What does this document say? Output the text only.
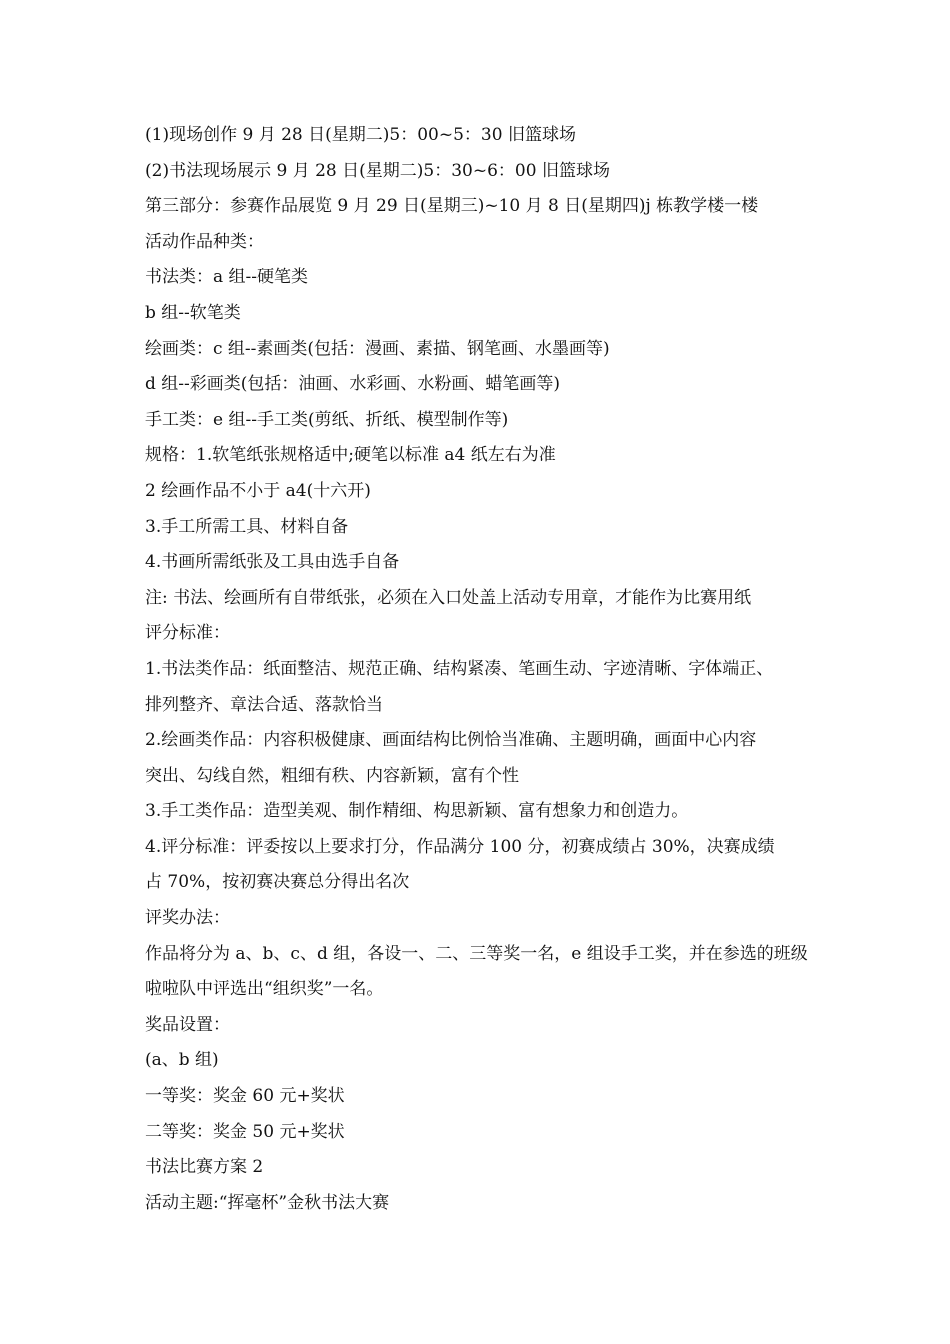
(1)现场创作 9 月 28 日(星期二)5：00~5：30 旧篮球场
(2)书法现场展示 9 月 28 日(星期二)5：30~6：00 旧篮球场
第三部分：参赛作品展览 9 月 29 日(星期三)~10 月 8 日(星期四)j 栋教学楼一楼
活动作品种类：
书法类：a 组--硬笔类
b 组--软笔类
绘画类：c 组--素画类(包括：漫画、素描、钢笔画、水墨画等)
d 组--彩画类(包括：油画、水彩画、水粉画、蜡笔画等)
手工类：e 组--手工类(剪纸、折纸、模型制作等)
规格：1.软笔纸张规格适中;硬笔以标准 a4 纸左右为准
2 绘画作品不小于 a4(十六开)
3.手工所需工具、材料自备
4.书画所需纸张及工具由选手自备
注: 书法、绘画所有自带纸张，必须在入口处盖上活动专用章，才能作为比赛用纸
评分标准：
1.书法类作品：纸面整洁、规范正确、结构紧凑、笔画生动、字迹清晰、字体端正、
排列整齐、章法合适、落款恰当
2.绘画类作品：内容积极健康、画面结构比例恰当准确、主题明确，画面中心内容
突出、勾线自然，粗细有秩、内容新颖，富有个性
3.手工类作品：造型美观、制作精细、构思新颖、富有想象力和创造力。
4.评分标准：评委按以上要求打分，作品满分 100 分，初赛成绩占 30%，决赛成绩
占 70%，按初赛决赛总分得出名次
评奖办法：
作品将分为 a、b、c、d 组，各设一、二、三等奖一名，e 组设手工奖，并在参选的班级
啦啦队中评选出“组织奖”一名。
奖品设置：
(a、b 组)
一等奖：奖金 60 元+奖状
二等奖：奖金 50 元+奖状
书法比赛方案 2
活动主题:“挥毫杯”金秋书法大赛
